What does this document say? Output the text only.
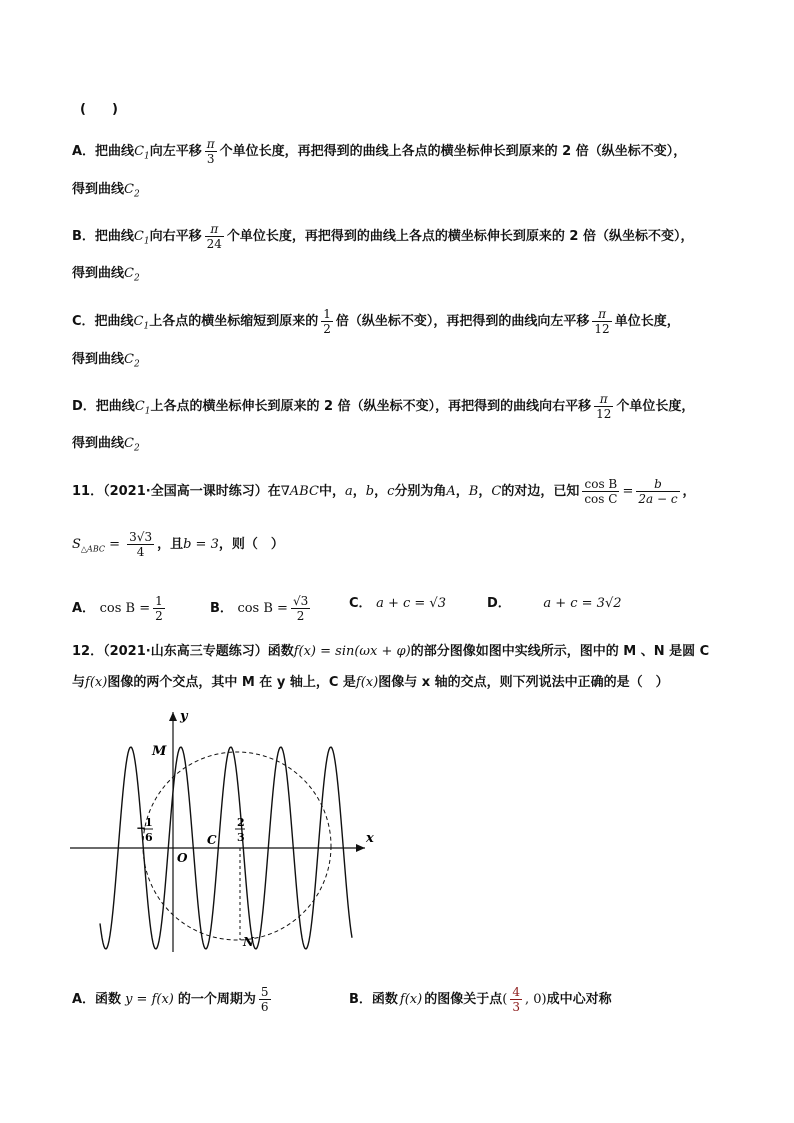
(　　)
A．把曲线$C_1$向左平移 $\frac{\pi}{3}$ 个单位长度，再把得到的曲线上各点的横坐标伸长到原来的 2 倍（纵坐标不变），
得到曲线$C_2$
B．把曲线$C_1$向右平移 $\frac{\pi}{24}$ 个单位长度，再把得到的曲线上各点的横坐标伸长到原来的 2 倍（纵坐标不变），
得到曲线$C_2$
C．把曲线$C_1$上各点的横坐标缩短到原来的 $\frac{1}{2}$ 倍（纵坐标不变），再把得到的曲线向左平移 $\frac{\pi}{12}$ 单位长度，
得到曲线$C_2$
D．把曲线$C_1$上各点的横坐标伸长到原来的 2 倍（纵坐标不变），再把得到的曲线向右平移 $\frac{\pi}{12}$ 个单位长度，
得到曲线$C_2$
11．（2021·全国高一课时练习）在∇ABC中，a，b，c分别为角A，B，C的对边，已知 $\frac{\text{cos B}}{\text{cos C}} = \frac{b}{2a - c}$ ，
$S_{\triangle ABC} = \frac{3√3}{4}$ ，且b = 3，则（　）
A． $\cos B = \frac{1}{2}$	B． $\cos B = \frac{√3}{2}$	C． a + c = √3	D．	a + c = 3√2
12．（2021·山东高三专题练习）函数f(x) = sin(ωx + φ)的部分图像如图中实线所示，图中的 M 、N 是圆 C
与f(x)图像的两个交点，其中 M 在 y 轴上，C 是f(x)图像与 x 轴的交点，则下列说法中正确的是（　）
y
x
M
O
C
N
−
1
6
2
3
A．函数 y = f(x) 的一个周期为 $\frac{5}{6}$	B．函数 f(x) 的图像关于点( $\frac{4}{3}$ , 0)成中心对称
